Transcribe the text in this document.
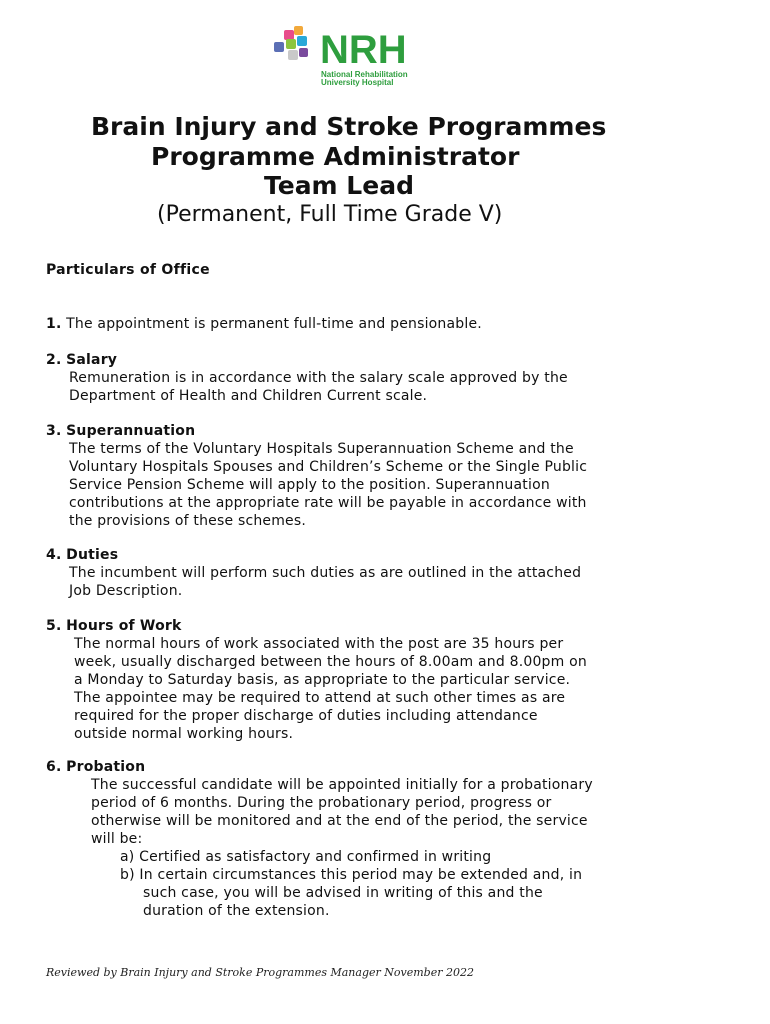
NRH
National Rehabilitation
University Hospital
Brain Injury and Stroke Programmes
Programme Administrator
Team Lead
(Permanent, Full Time Grade V)
Particulars of Office
1. The appointment is permanent full-time and pensionable.
2. Salary
Remuneration is in accordance with the salary scale approved by the
Department of Health and Children Current scale.
3. Superannuation
The terms of the Voluntary Hospitals Superannuation Scheme and the
Voluntary Hospitals Spouses and Children’s Scheme or the Single Public
Service Pension Scheme will apply to the position. Superannuation
contributions at the appropriate rate will be payable in accordance with
the provisions of these schemes.
4. Duties
The incumbent will perform such duties as are outlined in the attached
Job Description.
5. Hours of Work
The normal hours of work associated with the post are 35 hours per
week, usually discharged between the hours of 8.00am and 8.00pm on
a Monday to Saturday basis, as appropriate to the particular service.
The appointee may be required to attend at such other times as are
required for the proper discharge of duties including attendance
outside normal working hours.
6. Probation
The successful candidate will be appointed initially for a probationary
period of 6 months. During the probationary period, progress or
otherwise will be monitored and at the end of the period, the service
will be:
a) Certified as satisfactory and confirmed in writing
b) In certain circumstances this period may be extended and, in
such case, you will be advised in writing of this and the
duration of the extension.
Reviewed by Brain Injury and Stroke Programmes Manager November 2022
